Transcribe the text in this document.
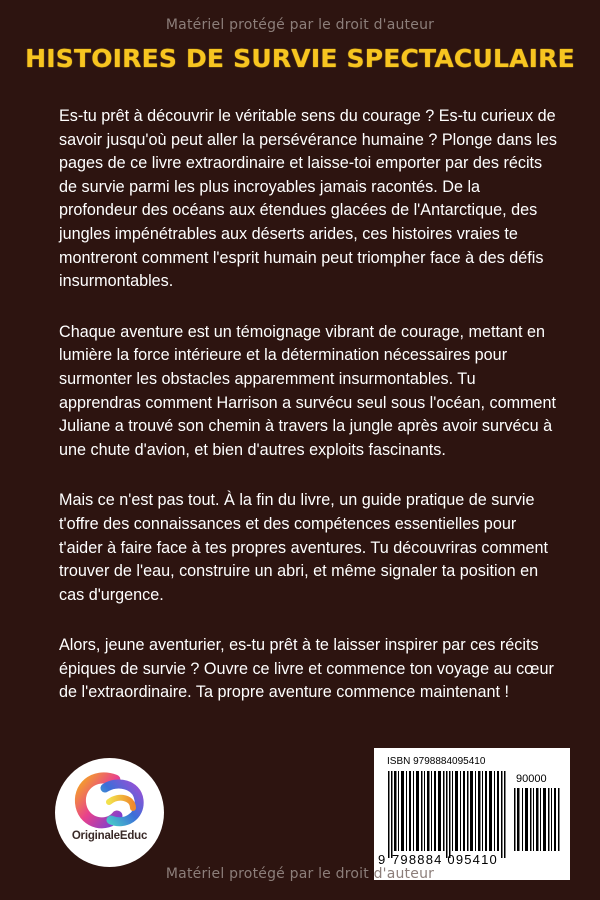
Matériel protégé par le droit d'auteur
HISTOIRES DE SURVIE SPECTACULAIRE

Es-tu prêt à découvrir le véritable sens du courage ? Es-tu curieux de savoir jusqu'où peut aller la persévérance humaine ? Plonge dans les pages de ce livre extraordinaire et laisse-toi emporter par des récits de survie parmi les plus incroyables jamais racontés. De la profondeur des océans aux étendues glacées de l'Antarctique, des jungles impénétrables aux déserts arides, ces histoires vraies te montreront comment l'esprit humain peut triompher face à des défis insurmontables.

Chaque aventure est un témoignage vibrant de courage, mettant en lumière la force intérieure et la détermination nécessaires pour surmonter les obstacles apparemment insurmontables. Tu apprendras comment Harrison a survécu seul sous l'océan, comment Juliane a trouvé son chemin à travers la jungle après avoir survécu à une chute d'avion, et bien d'autres exploits fascinants.

Mais ce n'est pas tout. À la fin du livre, un guide pratique de survie t'offre des connaissances et des compétences essentielles pour t'aider à faire face à tes propres aventures. Tu découvriras comment trouver de l'eau, construire un abri, et même signaler ta position en cas d'urgence.

Alors, jeune aventurier, es-tu prêt à te laisser inspirer par ces récits épiques de survie ? Ouvre ce livre et commence ton voyage au cœur de l'extraordinaire. Ta propre aventure commence maintenant !

OriginaleEduc
ISBN 9798884095410
90000
9 798884 095410
Matériel protégé par le droit d'auteur
